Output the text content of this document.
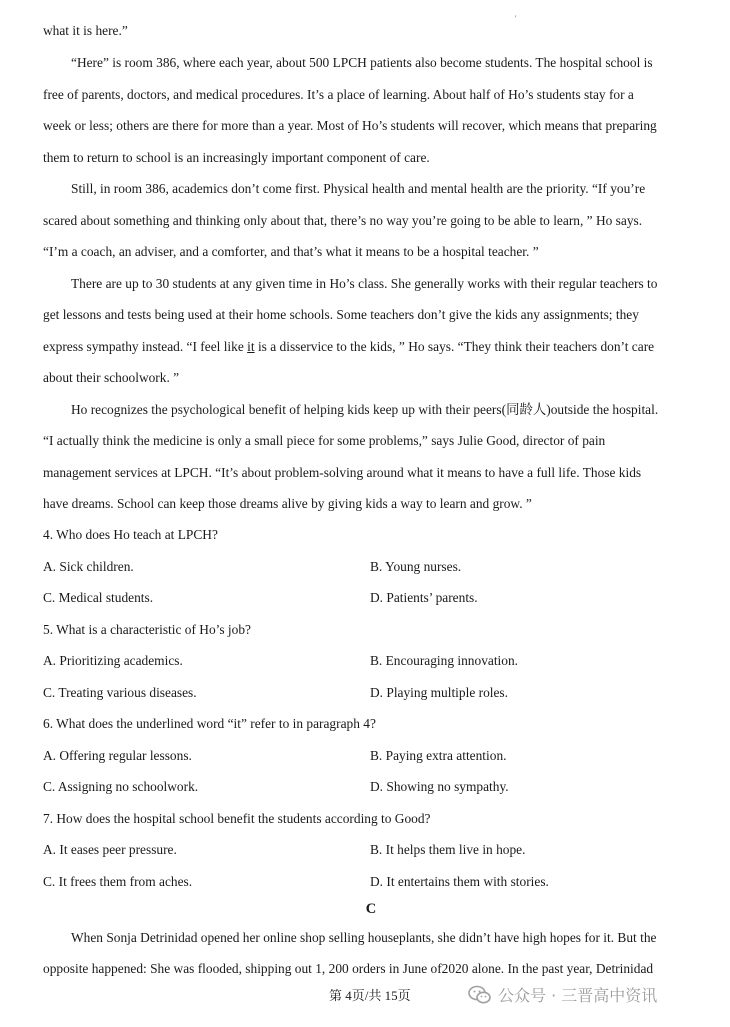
'
what it is here.”
“Here” is room 386, where each year, about 500 LPCH patients also become students. The hospital school is
free of parents, doctors, and medical procedures. It’s a place of learning. About half of Ho’s students stay for a
week or less; others are there for more than a year. Most of Ho’s students will recover, which means that preparing
them to return to school is an increasingly important component of care.
Still, in room 386, academics don’t come first. Physical health and mental health are the priority. “If you’re
scared about something and thinking only about that, there’s no way you’re going to be able to learn, ” Ho says.
“I’m a coach, an adviser, and a comforter, and that’s what it means to be a hospital teacher. ”
There are up to 30 students at any given time in Ho’s class. She generally works with their regular teachers to
get lessons and tests being used at their home schools. Some teachers don’t give the kids any assignments; they
express sympathy instead. “I feel like it is a disservice to the kids, ” Ho says. “They think their teachers don’t care
about their schoolwork. ”
Ho recognizes the psychological benefit of helping kids keep up with their peers(同龄人)outside the hospital.
“I actually think the medicine is only a small piece for some problems,” says Julie Good, director of pain
management services at LPCH. “It’s about problem-solving around what it means to have a full life. Those kids
have dreams. School can keep those dreams alive by giving kids a way to learn and grow. ”
4. Who does Ho teach at LPCH?
A. Sick children.	B. Young nurses.
C. Medical students.	D. Patients’ parents.
5. What is a characteristic of Ho’s job?
A. Prioritizing academics.	B. Encouraging innovation.
C. Treating various diseases.	D. Playing multiple roles.
6. What does the underlined word “it” refer to in paragraph 4?
A. Offering regular lessons.	B. Paying extra attention.
C. Assigning no schoolwork.	D. Showing no sympathy.
7. How does the hospital school benefit the students according to Good?
A. It eases peer pressure.	B. It helps them live in hope.
C. It frees them from aches.	D. It entertains them with stories.
C
When Sonja Detrinidad opened her online shop selling houseplants, she didn’t have high hopes for it. But the
opposite happened: She was flooded, shipping out 1, 200 orders in June of2020 alone. In the past year, Detrinidad
第 4页/共 15页	公众号 · 三晋高中资讯
